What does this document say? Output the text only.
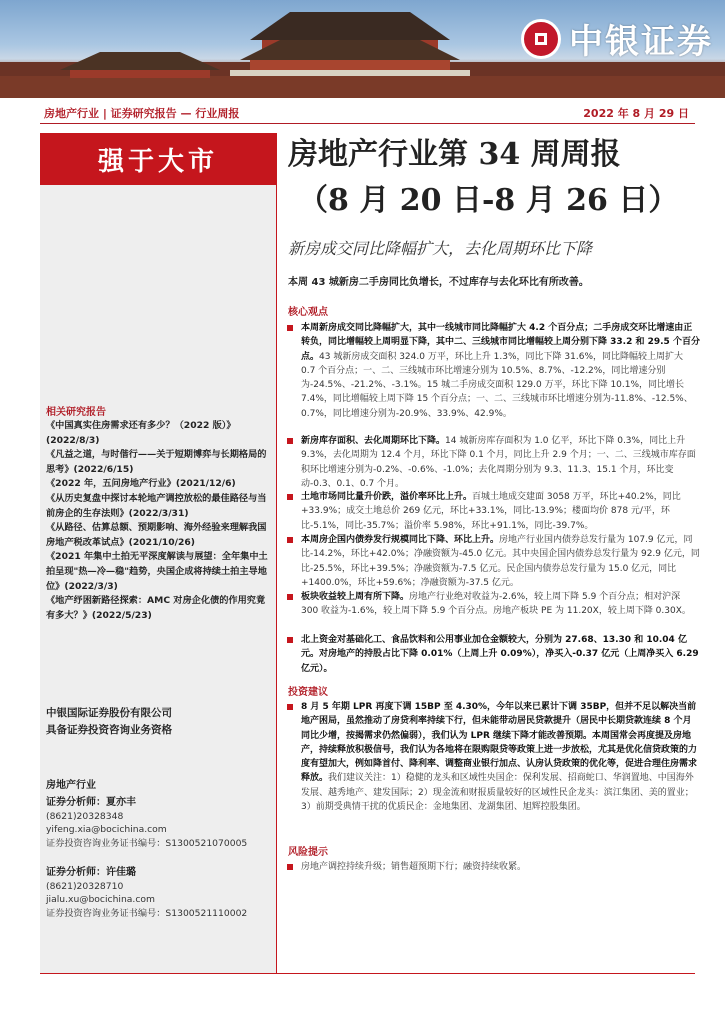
中银证券
房地产行业 | 证券研究报告 — 行业周报	2022 年 8 月 29 日
强于大市
相关研究报告
《中国真实住房需求还有多少？（2022 版）》(2022/8/3)
《凡益之道，与时偕行——关于短期博弈与长期格局的思考》(2022/6/15)
《2022 年，五问房地产行业》(2021/12/6)
《从历史复盘中探讨本轮地产调控放松的最佳路径与当前房企的生存法则》(2022/3/31)
《从路径、估算总额、预期影响、海外经验来理解我国房地产税改革试点》(2021/10/26)
《2021 年集中土拍无平深度解读与展望：全年集中土拍呈现"热—冷—稳"趋势，央国企成将持续土拍主导地位》(2022/3/3)
《地产纾困新路径探索：AMC 对房企化债的作用究竟有多大？》(2022/5/23)
中银国际证券股份有限公司
具备证券投资咨询业务资格
房地产行业
证券分析师：夏亦丰
(8621)20328348
yifeng.xia@bocichina.com
证券投资咨询业务证书编号：S1300521070005
证券分析师：许佳璐
(8621)20328710
jialu.xu@bocichina.com
证券投资咨询业务证书编号：S1300521110002
房地产行业第 34 周周报
（8 月 20 日-8 月 26 日）
新房成交同比降幅扩大，去化周期环比下降
本周 43 城新房二手房同比负增长，不过库存与去化环比有所改善。
核心观点
本周新房成交同比降幅扩大，其中一线城市同比降幅扩大 4.2 个百分点；二手房成交环比增速由正转负，同比增幅较上周明显下降，其中二、三线城市同比增幅较上周分别下降 33.2 和 29.5 个百分点。43 城新房成交面积 324.0 万平，环比上升 1.3%，同比下降 31.6%，同比降幅较上周扩大 0.7 个百分点；一、二、三线城市环比增速分别为 10.5%、8.7%、-12.2%，同比增速分别为-24.5%、-21.2%、-3.1%。15 城二手房成交面积 129.0 万平，环比下降 10.1%，同比增长 7.4%，同比增幅较上周下降 15 个百分点；一、二、三线城市环比增速分别为-11.8%、-12.5%、0.7%，同比增速分别为-20.9%、33.9%、42.9%。
新房库存面积、去化周期环比下降。14 城新房库存面积为 1.0 亿平，环比下降 0.3%，同比上升 9.3%，去化周期为 12.4 个月，环比下降 0.1 个月，同比上升 2.9 个月；一、二、三线城市库存面积环比增速分别为-0.2%、-0.6%、-1.0%；去化周期分别为 9.3、11.3、15.1 个月，环比变动-0.3、0.1、0.7 个月。
土地市场同比量升价跌，溢价率环比上升。百城土地成交建面 3058 万平，环比+40.2%，同比+33.9%；成交土地总价 269 亿元，环比+33.1%，同比-13.9%；楼面均价 878 元/平，环比-5.1%，同比-35.7%；溢价率 5.98%，环比+91.1%，同比-39.7%。
本周房企国内债券发行规模同比下降、环比上升。房地产行业国内债券总发行量为 107.9 亿元，同比-14.2%，环比+42.0%；净融资额为-45.0 亿元。其中央国企国内债券总发行量为 92.9 亿元，同比-25.5%，环比+39.5%；净融资额为-7.5 亿元。民企国内债券总发行量为 15.0 亿元，同比+1400.0%，环比+59.6%；净融资额为-37.5 亿元。
板块收益较上周有所下降。房地产行业绝对收益为-2.6%，较上周下降 5.9 个百分点；相对沪深 300 收益为-1.6%，较上周下降 5.9 个百分点。房地产板块 PE 为 11.20X，较上周下降 0.30X。
北上资金对基础化工、食品饮料和公用事业加仓金额较大，分别为 27.68、13.30 和 10.04 亿元。对房地产的持股占比下降 0.01%（上周上升 0.09%），净买入-0.37 亿元（上周净买入 6.29 亿元）。
投资建议
8 月 5 年期 LPR 再度下调 15BP 至 4.30%，今年以来已累计下调 35BP，但并不足以解决当前地产困局，虽然推动了房贷利率持续下行，但未能带动居民贷款提升（居民中长期贷款连续 8 个月同比少增，按揭需求仍然偏弱），我们认为 LPR 继续下降才能改善预期。本周国常会再度提及房地产，持续释放积极信号，我们认为各地将在限购限贷等政策上进一步放松，尤其是优化信贷政策的力度有望加大，例如降首付、降利率、调整商业银行加点、认房认贷政策的优化等，促进合理住房需求释放。我们建议关注：1）稳健的龙头和区域性央国企：保利发展、招商蛇口、华润置地、中国海外发展、越秀地产、建发国际；2）现金流和财报质量较好的区域性民企龙头：滨江集团、美的置业；3）前期受典情干扰的优质民企：金地集团、龙湖集团、旭辉控股集团。
风险提示
房地产调控持续升级；销售超预期下行；融资持续收紧。
